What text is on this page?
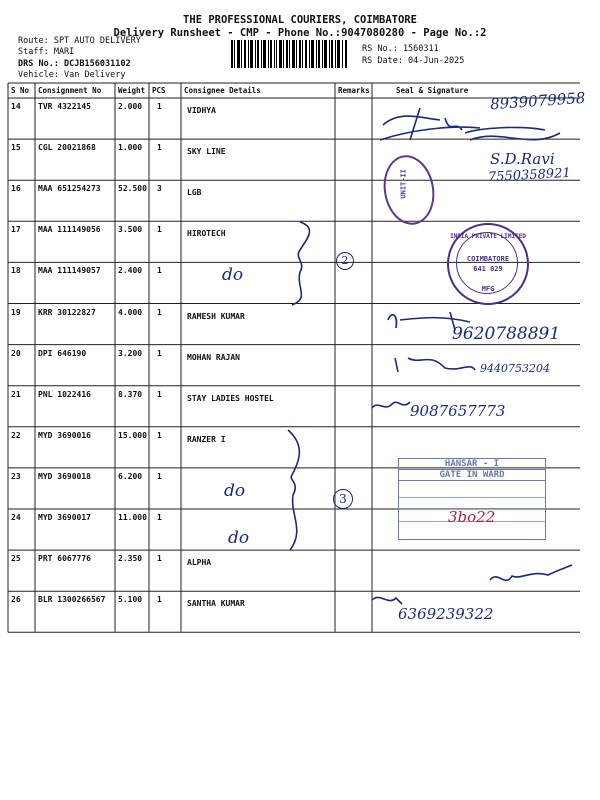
THE PROFESSIONAL COURIERS, COIMBATORE
Delivery Runsheet - CMP - Phone No.:9047080280 - Page No.:2
Route: SPT AUTO DELIVERY
Staff: MARI
DRS No.: DCJB156031102
Vehicle: Van Delivery
RS No.: 1560311
RS Date: 04-Jun-2025
S No Consignment No Weight PCS Consignee Details	Remarks	Seal & Signature
14 TVR 4322145	2.000 1	VIDHYA
15 CGL 20021868	1.000 1	SKY LINE
16 MAA 651254273 52.500 3	LGB
17 MAA 111149056 3.500 1	HIROTECH
18 MAA 111149057 2.400 1
19 KRR 30122827	4.000 1	RAMESH KUMAR
20 DPI 646190	3.200 1	MOHAN RAJAN
21 PNL 1022416	8.370 1	STAY LADIES HOSTEL
22 MYD 3690016	15.000 1	RANZER I
23 MYD 3690018	6.200 1
24 MYD 3690017	11.000 1
25 PRT 6067776	2.350 1	ALPHA
26 BLR 1300266567 5.100 1	SANTHA KUMAR
do
do
do
2
3
8939079958
S.D.Ravi
7550358921
9620788891
9440753204
9087657773
6369239322
UNIT-II
INDIA PRIVATE LIMITED
COIMBATORE
641 029
MFG
HANSAR - I
GATE IN WARD
3bo22
